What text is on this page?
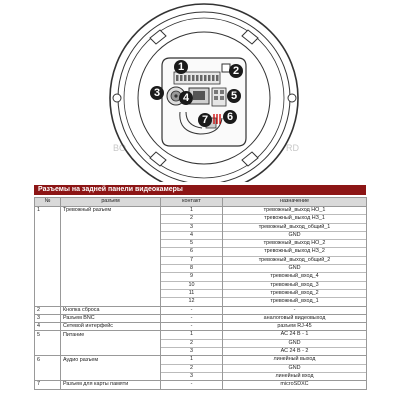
BO	RD
1	2
3 4	5
6
7
Разъемы на задней панели видеокамеры
№	разъем	контакт	назначение
1	Тревожный разъем	1	тревожный_выход НО_1
		2	тревожный_выход НЗ_1
		3	тревожный_выход_общий_1
		4	GND
		5	тревожный_выход НО_2
		6	тревожный_выход НЗ_2
		7	тревожный_выход_общий_2
		8	GND
		9	тревожный_вход_4
		10	тревожный_вход_3
		11	тревожный_вход_2
		12	тревожный_вход_1
2	Кнопка сброса	-	-
3	Разъем BNC	-	аналоговый видеовыход
4	Сетевой интерфейс	-	разъем RJ-45
5	Питание	1	AC 24 В - 1
		2	GND
		3	AC 24 В - 2
6	Аудио разъем	1	линейный выход
		2	GND
		3	линейный вход
7	Разъем для карты памяти	-	microSDXC
